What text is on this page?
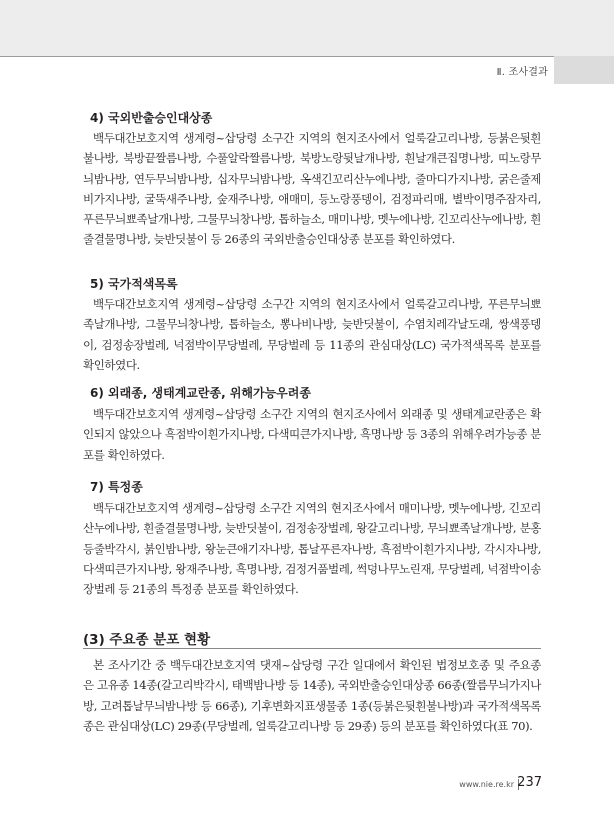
Ⅱ. 조사결과
4) 국외반출승인대상종

백두대간보호지역 생계령~삽당령 소구간 지역의 현지조사에서 얼룩갈고리나방, 등붉은뒷흰불나방, 북방끝짤름나방, 수풀알락짤름나방, 북방노랑뒷날개나방, 흰날개큰집명나방, 띠노랑무늬밤나방, 연두무늬밤나방, 십자무늬밤나방, 옥색긴꼬리산누에나방, 줄마디가지나방, 굵은줄제비가지나방, 굴뚝새주나방, 숲재주나방, 애매미, 등노랑풍뎅이, 검정파리매, 별박이명주잠자리, 푸른무늬뾰족날개나방, 그물무늬창나방, 톱하늘소, 매미나방, 멧누에나방, 긴꼬리산누에나방, 흰줄결물명나방, 늦반딧불이 등 26종의 국외반출승인대상종 분포를 확인하였다.

5) 국가적색목록

백두대간보호지역 생계령~삽당령 소구간 지역의 현지조사에서 얼룩갈고리나방, 푸른무늬뾰족날개나방, 그물무늬창나방, 톱하늘소, 뽕나비나방, 늦반딧불이, 수염치레각날도래, 쌍색풍뎅이, 검정송장벌레, 넉점박이무당벌레, 무당벌레 등 11종의 관심대상(LC) 국가적색목록 분포를 확인하였다.

6) 외래종, 생태계교란종, 위해가능우려종

백두대간보호지역 생계령~삽당령 소구간 지역의 현지조사에서 외래종 및 생태계교란종은 확인되지 않았으나 흑점박이흰가지나방, 다색띠큰가지나방, 흑명나방 등 3종의 위해우려가능종 분포를 확인하였다.

7) 특정종

백두대간보호지역 생계령~삽당령 소구간 지역의 현지조사에서 매미나방, 멧누에나방, 긴꼬리산누에나방, 흰줄결물명나방, 늦반딧불이, 검정송장벌레, 왕갈고리나방, 무늬뾰족날개나방, 분홍등줄박각시, 붉인밤나방, 왕눈큰애기자나방, 톱날푸른자나방, 흑점박이흰가지나방, 각시자나방, 다색띠큰가지나방, 왕재주나방, 흑명나방, 검정거품벌레, 썩덩나무노린재, 무당벌레, 넉점박이송장벌레 등 21종의 특정종 분포를 확인하였다.

(3) 주요종 분포 현황

본 조사기간 중 백두대간보호지역 댓재~삽당령 구간 일대에서 확인된 법정보호종 및 주요종은 고유종 14종(갈고리박각시, 태백밤나방 등 14종), 국외반출승인대상종 66종(짤름무늬가지나방, 고려톱날무늬밤나방 등 66종), 기후변화지표생물종 1종(등붉은뒷흰불나방)과 국가적색목록종은 관심대상(LC) 29종(무당벌레, 얼룩갈고리나방 등 29종) 등의 분포를 확인하였다(표 70).

www.nie.re.kr 237
